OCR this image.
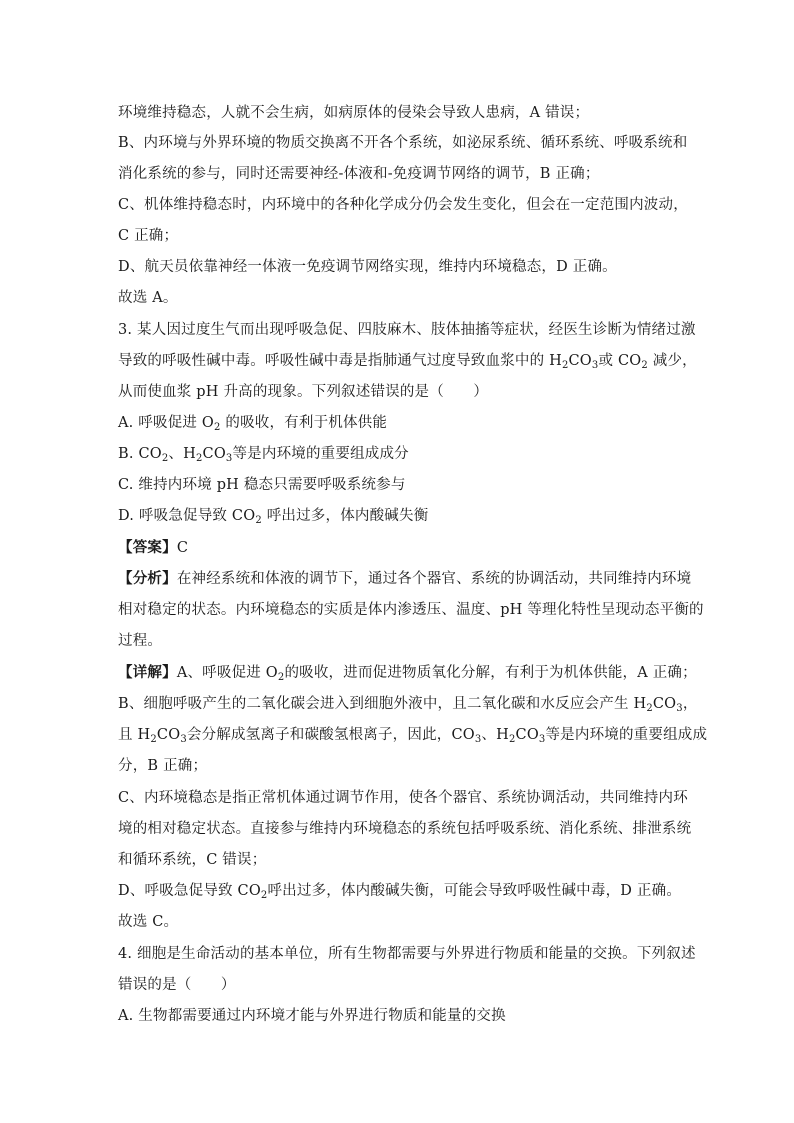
环境维持稳态，人就不会生病，如病原体的侵染会导致人患病，A 错误；
B、内环境与外界环境的物质交换离不开各个系统，如泌尿系统、循环系统、呼吸系统和
消化系统的参与，同时还需要神经-体液和-免疫调节网络的调节，B 正确；
C、机体维持稳态时，内环境中的各种化学成分仍会发生变化，但会在一定范围内波动，
C 正确；
D、航天员依靠神经一体液一免疫调节网络实现，维持内环境稳态，D 正确。
故选 A。
3. 某人因过度生气而出现呼吸急促、四肢麻木、肢体抽搐等症状，经医生诊断为情绪过激
导致的呼吸性碱中毒。呼吸性碱中毒是指肺通气过度导致血浆中的 $H_2CO_3$或 $CO_2$ 减少，
从而使血浆 pH 升高的现象。下列叙述错误的是（　　）
A. 呼吸促进 $O_2$ 的吸收，有利于机体供能
B. $CO_2$、$H_2CO_3$等是内环境的重要组成成分
C. 维持内环境 pH 稳态只需要呼吸系统参与
D. 呼吸急促导致 $CO_2$ 呼出过多，体内酸碱失衡
【答案】C
【分析】在神经系统和体液的调节下，通过各个器官、系统的协调活动，共同维持内环境
相对稳定的状态。内环境稳态的实质是体内渗透压、温度、pH 等理化特性呈现动态平衡的
过程。
【详解】A、呼吸促进 $O_2$的吸收，进而促进物质氧化分解，有利于为机体供能，A 正确；
B、细胞呼吸产生的二氧化碳会进入到细胞外液中，且二氧化碳和水反应会产生 $H_2CO_3$，
且 $H_2CO_3$会分解成氢离子和碳酸氢根离子，因此，$CO_3$、$H_2CO_3$等是内环境的重要组成成
分，B 正确；
C、内环境稳态是指正常机体通过调节作用，使各个器官、系统协调活动，共同维持内环
境的相对稳定状态。直接参与维持内环境稳态的系统包括呼吸系统、消化系统、排泄系统
和循环系统，C 错误；
D、呼吸急促导致 $CO_2$呼出过多，体内酸碱失衡，可能会导致呼吸性碱中毒，D 正确。
故选 C。
4. 细胞是生命活动的基本单位，所有生物都需要与外界进行物质和能量的交换。下列叙述
错误的是（　　）
A. 生物都需要通过内环境才能与外界进行物质和能量的交换
